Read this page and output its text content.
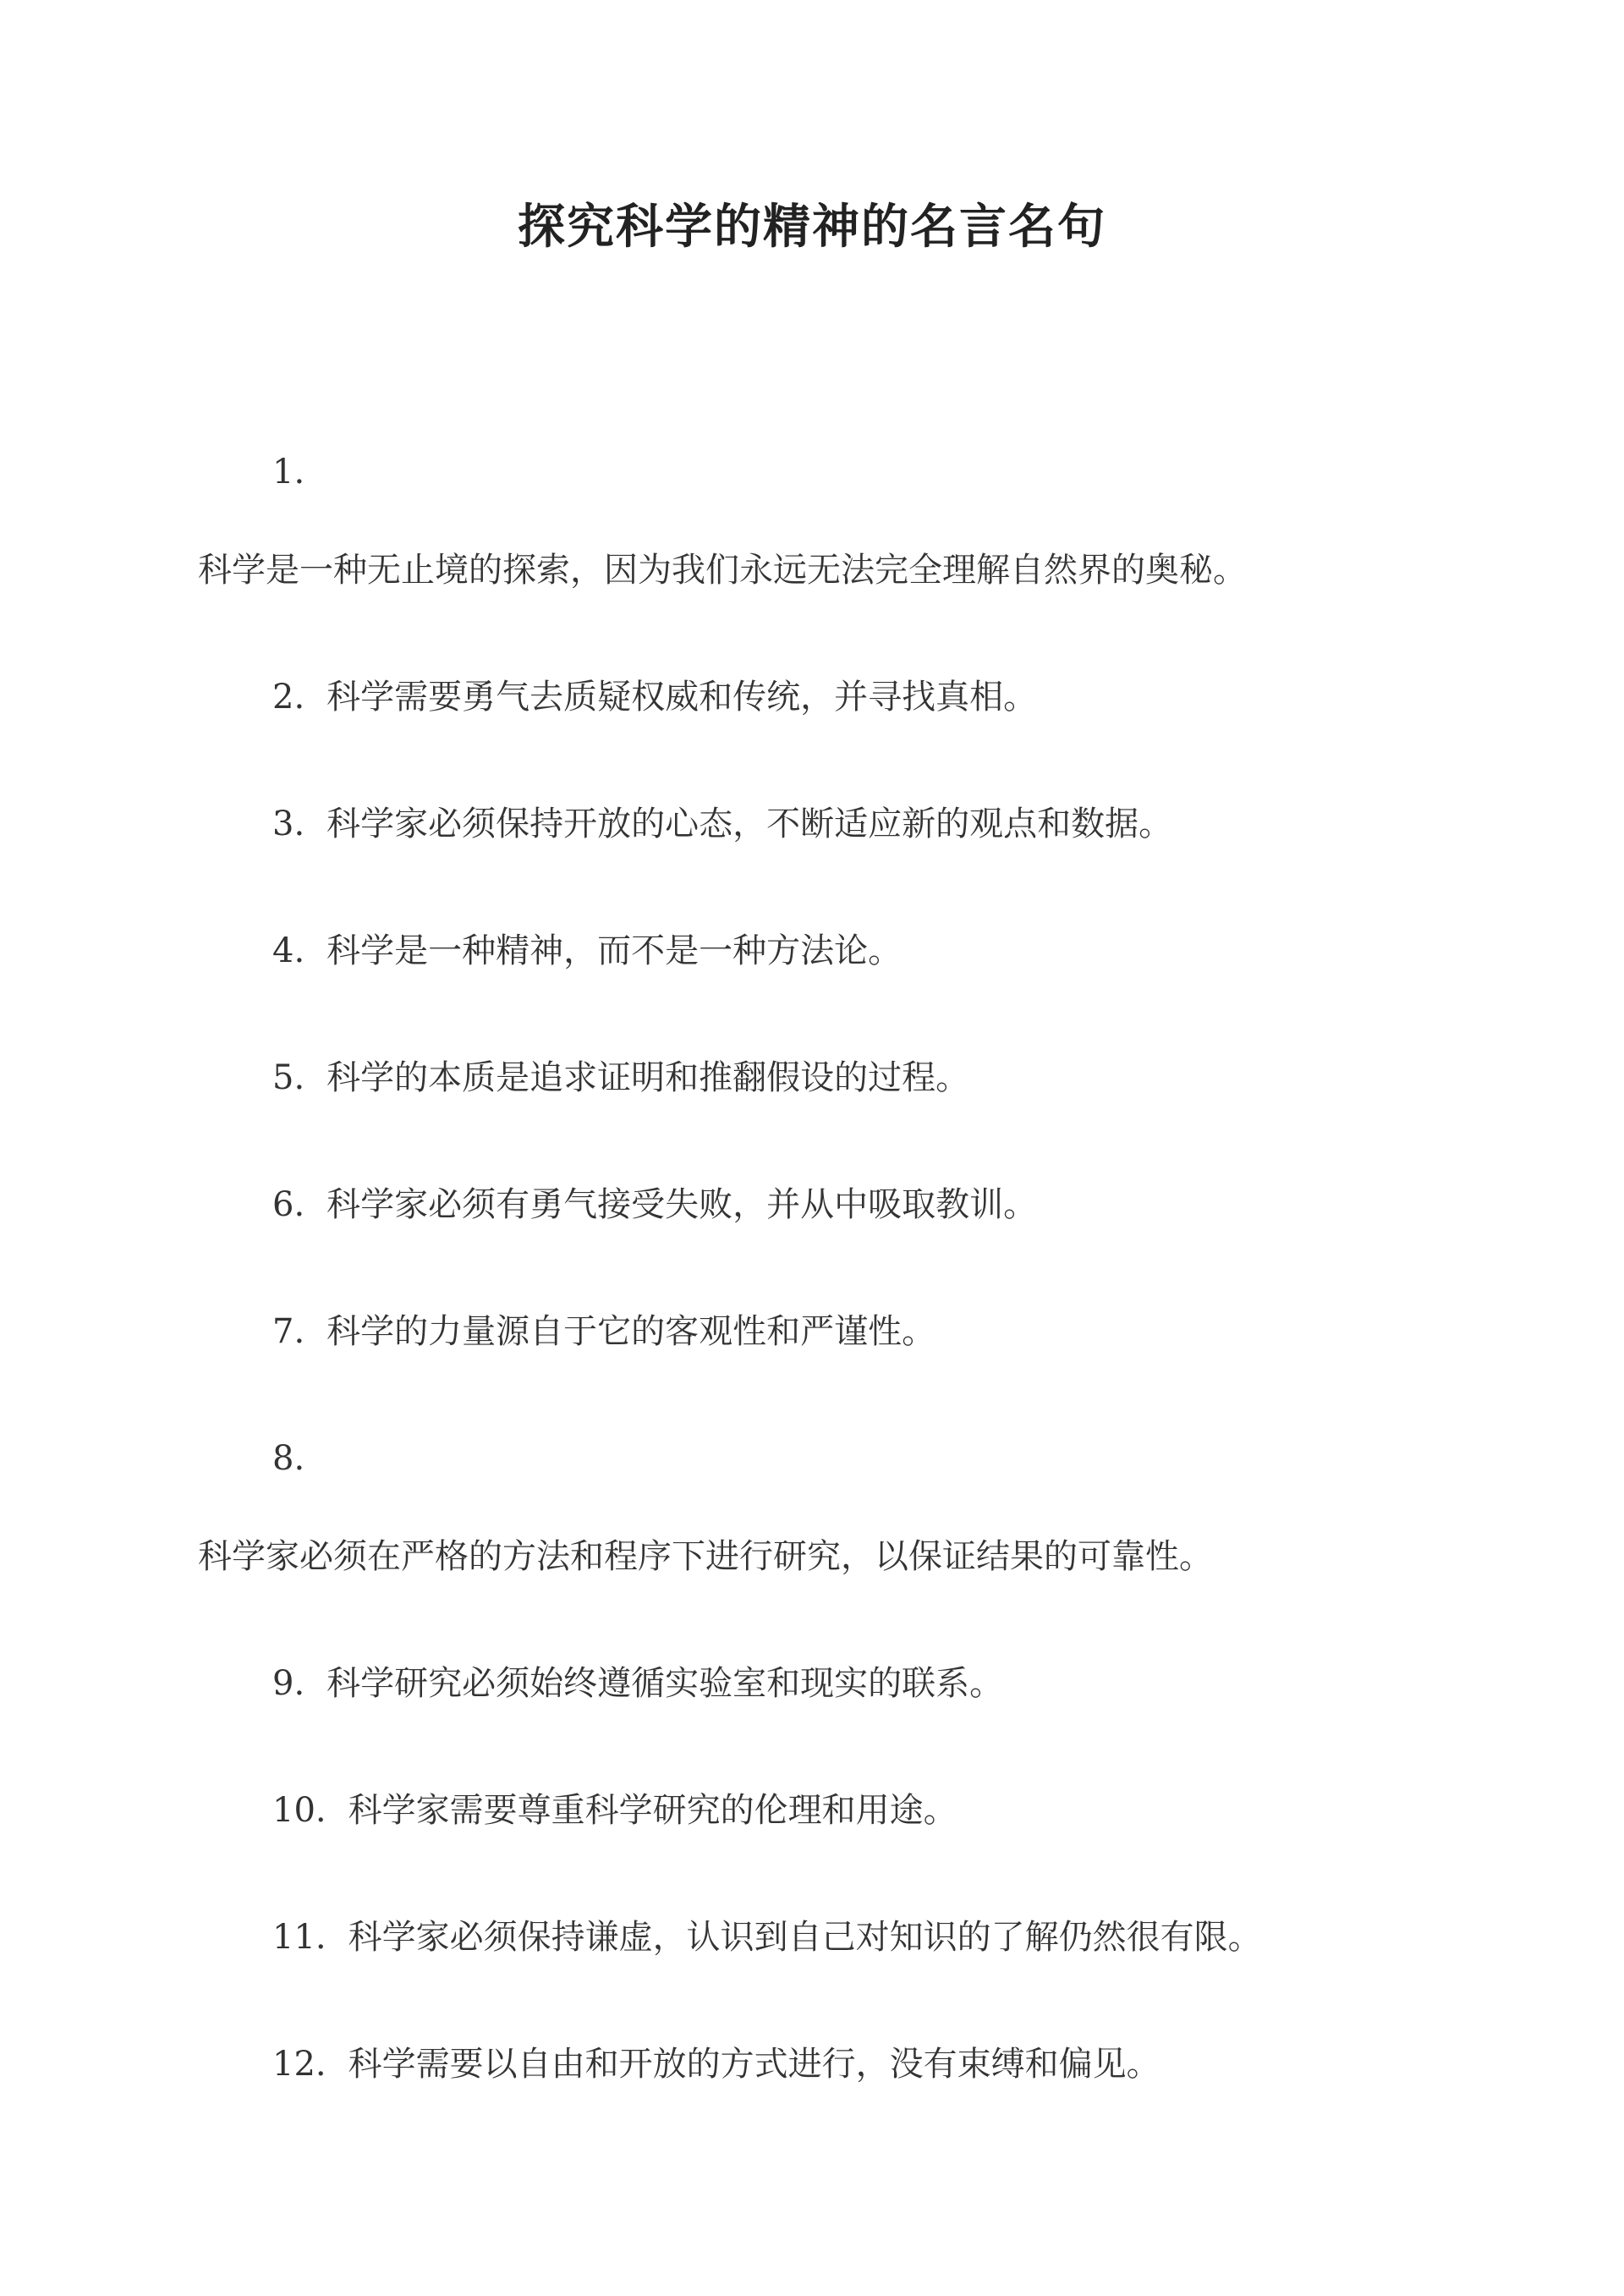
探究科学的精神的名言名句
1.
科学是一种无止境的探索，因为我们永远无法完全理解自然界的奥秘。
2. 科学需要勇气去质疑权威和传统，并寻找真相。
3. 科学家必须保持开放的心态，不断适应新的观点和数据。
4. 科学是一种精神，而不是一种方法论。
5. 科学的本质是追求证明和推翻假设的过程。
6. 科学家必须有勇气接受失败，并从中吸取教训。
7. 科学的力量源自于它的客观性和严谨性。
8.
科学家必须在严格的方法和程序下进行研究，以保证结果的可靠性。
9. 科学研究必须始终遵循实验室和现实的联系。
10. 科学家需要尊重科学研究的伦理和用途。
11. 科学家必须保持谦虚，认识到自己对知识的了解仍然很有限。
12. 科学需要以自由和开放的方式进行，没有束缚和偏见。
